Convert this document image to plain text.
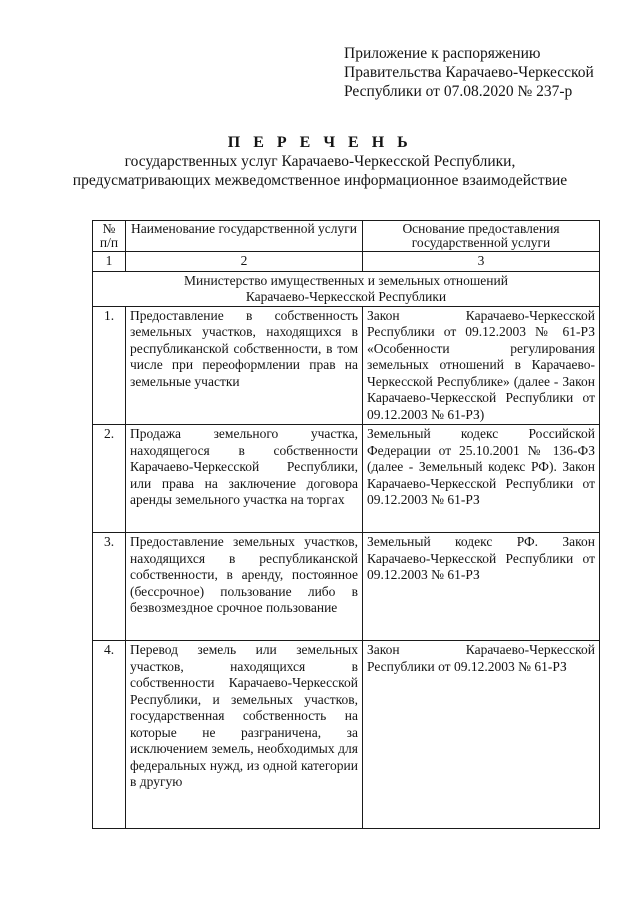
Приложение к распоряжению
Правительства Карачаево-Черкесской
Республики от 07.08.2020 № 237-р
П Е Р Е Ч Е Н Ь
государственных услуг Карачаево-Черкесской Республики,
предусматривающих межведомственное информационное взаимодействие
№ п/п	Наименование государственной услуги	Основание предоставления государственной услуги
1	2	3
Министерство имущественных и земельных отношений Карачаево-Черкесской Республики		
1.	Предоставление в собственность земельных участков, находящихся в республиканской собственности, в том числе при переоформлении прав на земельные участки	Закон Карачаево-Черкесской Республики от 09.12.2003 № 61-РЗ «Особенности регулирования земельных отношений в Карачаево-Черкесской Республике» (далее - Закон Карачаево-Черкесской Республики от 09.12.2003 № 61-РЗ)
2.	Продажа земельного участка, находящегося в собственности Карачаево-Черкесской Республики, или права на заключение договора аренды земельного участка на торгах	Земельный кодекс Российской Федерации от 25.10.2001 № 136-ФЗ (далее - Земельный кодекс РФ). Закон Карачаево-Черкесской Республики от 09.12.2003 № 61-РЗ
3.	Предоставление земельных участков, находящихся в республиканской собственности, в аренду, постоянное (бессрочное) пользование либо в безвозмездное срочное пользование	Земельный кодекс РФ. Закон Карачаево-Черкесской Республики от 09.12.2003 № 61-РЗ
4.	Перевод земель или земельных участков, находящихся в собственности Карачаево-Черкесской Республики, и земельных участков, государственная собственность на которые не разграничена, за исключением земель, необходимых для федеральных нужд, из одной категории в другую	Закон Карачаево-Черкесской Республики от 09.12.2003 № 61-РЗ
